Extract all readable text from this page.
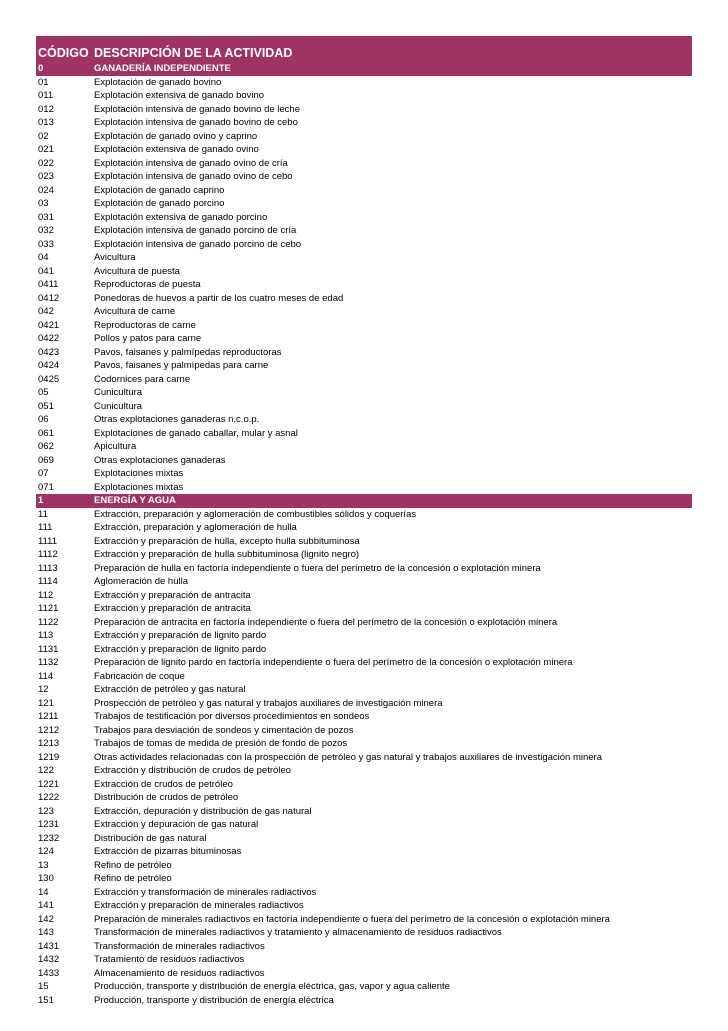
CÓDIGO DESCRIPCIÓN DE LA ACTIVIDAD
0	GANADERÍA INDEPENDIENTE
01	Explotación de ganado bovino
011	Explotación extensiva de ganado bovino
012	Explotación intensiva de ganado bovino de leche
013	Explotación intensiva de ganado bovino de cebo
02	Explotación de ganado ovino y caprino
021	Explotación extensiva de ganado ovino
022	Explotación intensiva de ganado ovino de cría
023	Explotación intensiva de ganado ovino de cebo
024	Explotación de ganado caprino
03	Explotación de ganado porcino
031	Explotación extensiva de ganado porcino
032	Explotación intensiva de ganado porcino de cría
033	Explotación intensiva de ganado porcino de cebo
04	Avicultura
041	Avicultura de puesta
0411	Reproductoras de puesta
0412	Ponedoras de huevos a partir de los cuatro meses de edad
042	Avicultura de carne
0421	Reproductoras de carne
0422	Pollos y patos para carne
0423	Pavos, faisanes y palmípedas reproductoras
0424	Pavos, faisanes y palmípedas para carne
0425	Codornices para carne
05	Cunicultura
051	Cunicultura
06	Otras explotaciones ganaderas n.c.o.p.
061	Explotaciones de ganado caballar, mular y asnal
062	Apicultura
069	Otras explotaciones ganaderas
07	Explotaciones mixtas
071	Explotaciones mixtas
1	ENERGÍA Y AGUA
11	Extracción, preparación y aglomeración de combustibles sólidos y coquerías
111	Extracción, preparación y aglomeración de hulla
1111	Extracción y preparación de hulla, excepto hulla subbituminosa
1112	Extracción y preparación de hulla subbituminosa (lignito negro)
1113	Preparación de hulla en factoría independiente o fuera del perímetro de la concesión o explotación minera
1114	Aglomeración de hulla
112	Extracción y preparación de antracita
1121	Extracción y preparación de antracita
1122	Preparación de antracita en factoría independiente o fuera del perímetro de la concesión o explotación minera
113	Extracción y preparación de lignito pardo
1131	Extracción y preparación de lignito pardo
1132	Preparación de lignito pardo en factoría independiente o fuera del perímetro de la concesión o explotación minera
114	Fabricación de coque
12	Extracción de petróleo y gas natural
121	Prospección de petróleo y gas natural y trabajos auxiliares de investigación minera
1211	Trabajos de testificación por diversos procedimientos en sondeos
1212	Trabajos para desviación de sondeos y cimentación de pozos
1213	Trabajos de tomas de medida de presión de fondo de pozos
1219	Otras actividades relacionadas con la prospección de petróleo y gas natural y trabajos auxiliares de investigación minera
122	Extracción y distribución de crudos de petróleo
1221	Extracción de crudos de petróleo
1222	Distribución de crudos de petróleo
123	Extracción, depuración y distribución de gas natural
1231	Extracción y depuración de gas natural
1232	Distribución de gas natural
124	Extracción de pizarras bituminosas
13	Refino de petróleo
130	Refino de petróleo
14	Extracción y transformación de minerales radiactivos
141	Extracción y preparación de minerales radiactivos
142	Preparación de minerales radiactivos en factoría independiente o fuera del perímetro de la concesión o explotación minera
143	Transformación de minerales radiactivos y tratamiento y almacenamiento de residuos radiactivos
1431	Transformación de minerales radiactivos
1432	Tratamiento de residuos radiactivos
1433	Almacenamiento de residuos radiactivos
15	Producción, transporte y distribución de energía eléctrica, gas, vapor y agua caliente
151	Producción, transporte y distribución de energía eléctrica
